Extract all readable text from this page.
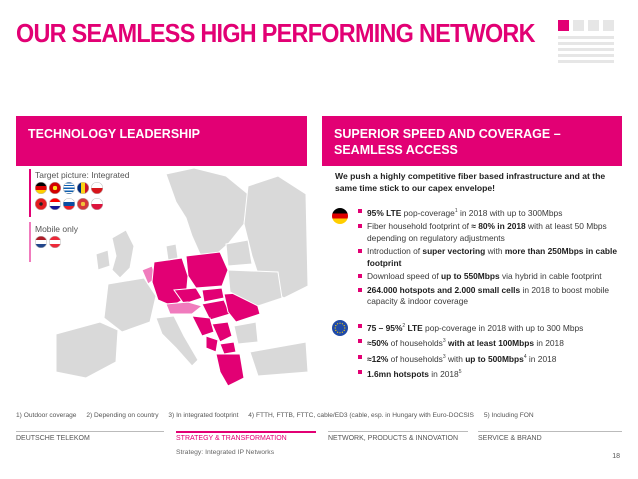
OUR SEAMLESS HIGH PERFORMING NETWORK
TECHNOLOGY LEADERSHIP	SUPERIOR SPEED AND COVERAGE –
SEAMLESS ACCESS
Target picture: Integrated
Mobile only
We push a highly competitive fiber based infrastructure and at the
same time stick to our capex envelope!
95% LTE pop-coverage$^1$ in 2018 with up to 300Mbps
Fiber household footprint of ≈ 80% in 2018 with at least 50 Mbps depending on regulatory adjustments
Introduction of super vectoring with more than 250Mbps in cable footprint
Download speed of up to 550Mbps via hybrid in cable footprint
264.000 hotspots and 2.000 small cells in 2018 to boost mobile capacity & indoor coverage
75 – 95%$^2$ LTE pop-coverage in 2018 with up to 300 Mbps
≈50% of households$^3$ with at least 100Mbps in 2018
≈12% of households$^3$ with up to 500Mbps$^4$ in 2018
1.6mn hotspots in 2018$^5$
1) Outdoor coverage 2) Depending on country 3) In integrated footprint 4) FTTH, FTTB, FTTC, cable/ED3 (cable, esp. in Hungary with Euro-DOCSIS 5) Including FON
DEUTSCHE TELEKOM	STRATEGY & TRANSFORMATION	NETWORK, PRODUCTS & INNOVATION	SERVICE & BRAND
Strategy: Integrated IP Networks
18
